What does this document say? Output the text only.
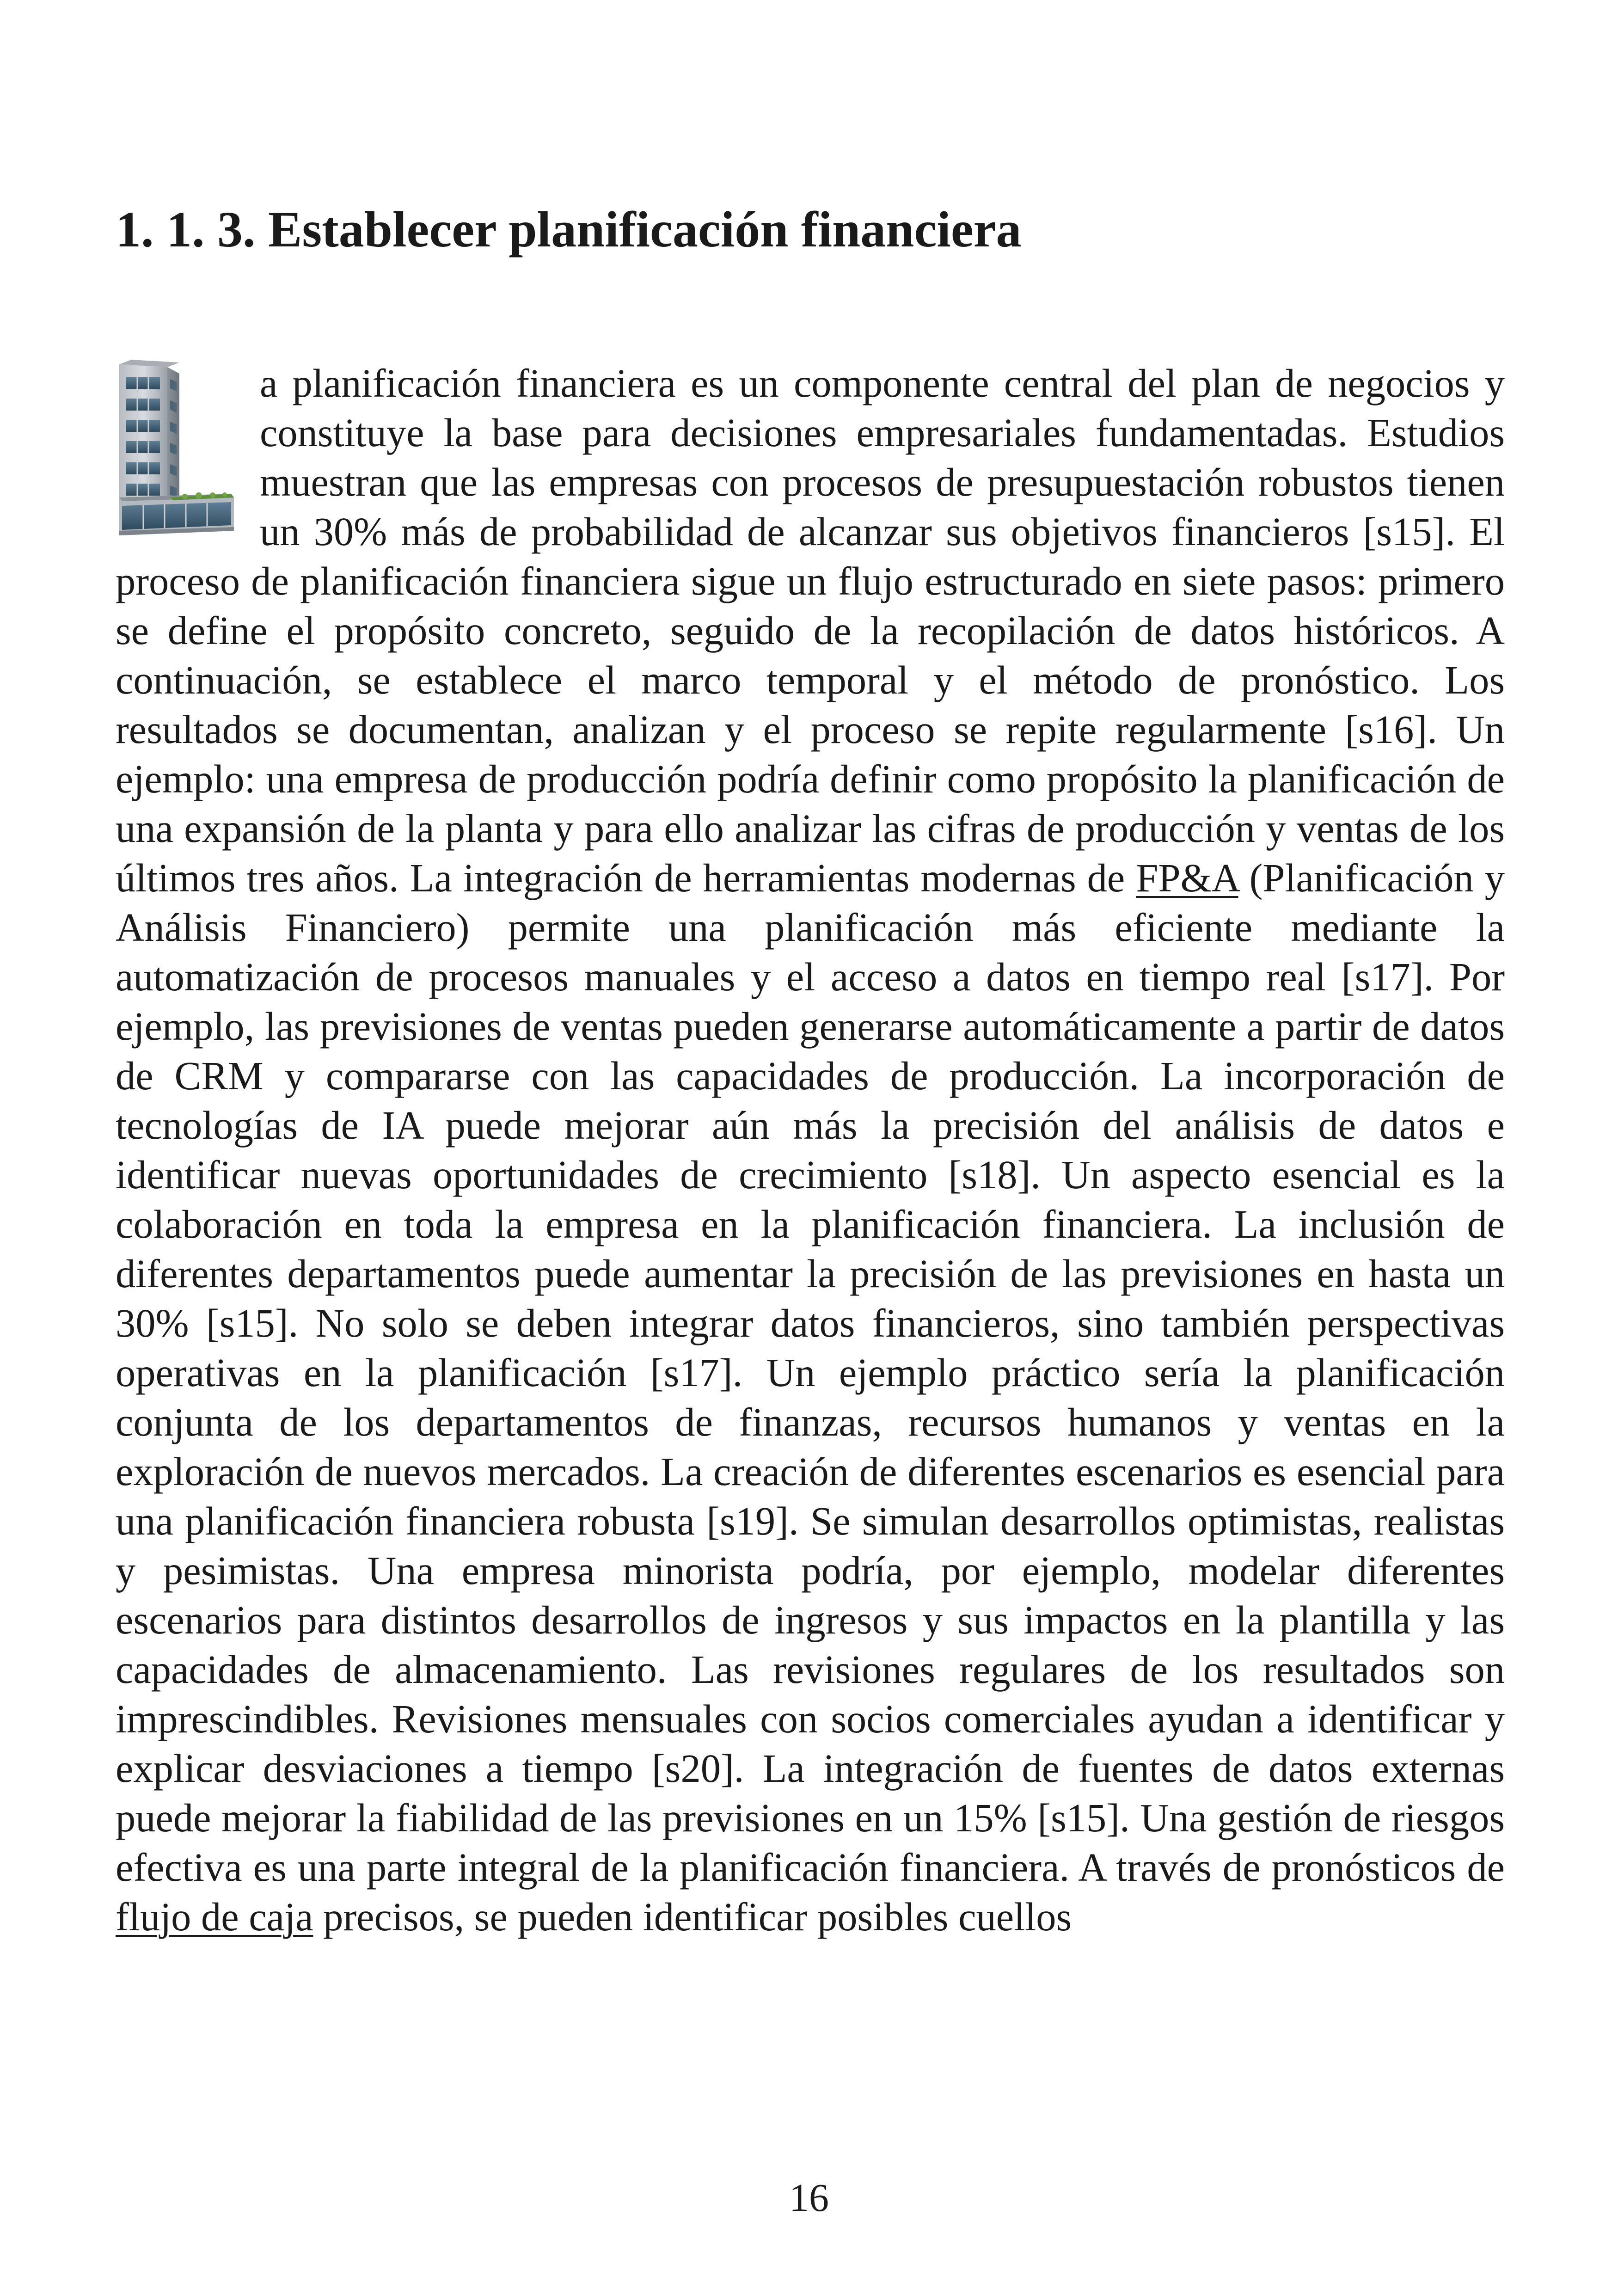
1. 1. 3. Establecer planificación financiera

a planificación financiera es un componente central del plan de negocios y constituye la base para decisiones empresariales fundamentadas. Estudios muestran que las empresas con procesos de presupuestación robustos tienen un 30% más de probabilidad de alcanzar sus objetivos financieros [s15]. El proceso de planificación financiera sigue un flujo estructurado en siete pasos: primero se define el propósito concreto, seguido de la recopilación de datos históricos. A continuación, se establece el marco temporal y el método de pronóstico. Los resultados se documentan, analizan y el proceso se repite regularmente [s16]. Un ejemplo: una empresa de producción podría definir como propósito la planificación de una expansión de la planta y para ello analizar las cifras de producción y ventas de los últimos tres años. La integración de herramientas modernas de FP&A (Planificación y Análisis Financiero) permite una planificación más eficiente mediante la automatización de procesos manuales y el acceso a datos en tiempo real [s17]. Por ejemplo, las previsiones de ventas pueden generarse automáticamente a partir de datos de CRM y compararse con las capacidades de producción. La incorporación de tecnologías de IA puede mejorar aún más la precisión del análisis de datos e identificar nuevas oportunidades de crecimiento [s18]. Un aspecto esencial es la colaboración en toda la empresa en la planificación financiera. La inclusión de diferentes departamentos puede aumentar la precisión de las previsiones en hasta un 30% [s15]. No solo se deben integrar datos financieros, sino también perspectivas operativas en la planificación [s17]. Un ejemplo práctico sería la planificación conjunta de los departamentos de finanzas, recursos humanos y ventas en la exploración de nuevos mercados. La creación de diferentes escenarios es esencial para una planificación financiera robusta [s19]. Se simulan desarrollos optimistas, realistas y pesimistas. Una empresa minorista podría, por ejemplo, modelar diferentes escenarios para distintos desarrollos de ingresos y sus impactos en la plantilla y las capacidades de almacenamiento. Las revisiones regulares de los resultados son imprescindibles. Revisiones mensuales con socios comerciales ayudan a identificar y explicar desviaciones a tiempo [s20]. La integración de fuentes de datos externas puede mejorar la fiabilidad de las previsiones en un 15% [s15]. Una gestión de riesgos efectiva es una parte integral de la planificación financiera. A través de pronósticos de flujo de caja precisos, se pueden identificar posibles cuellos

16
